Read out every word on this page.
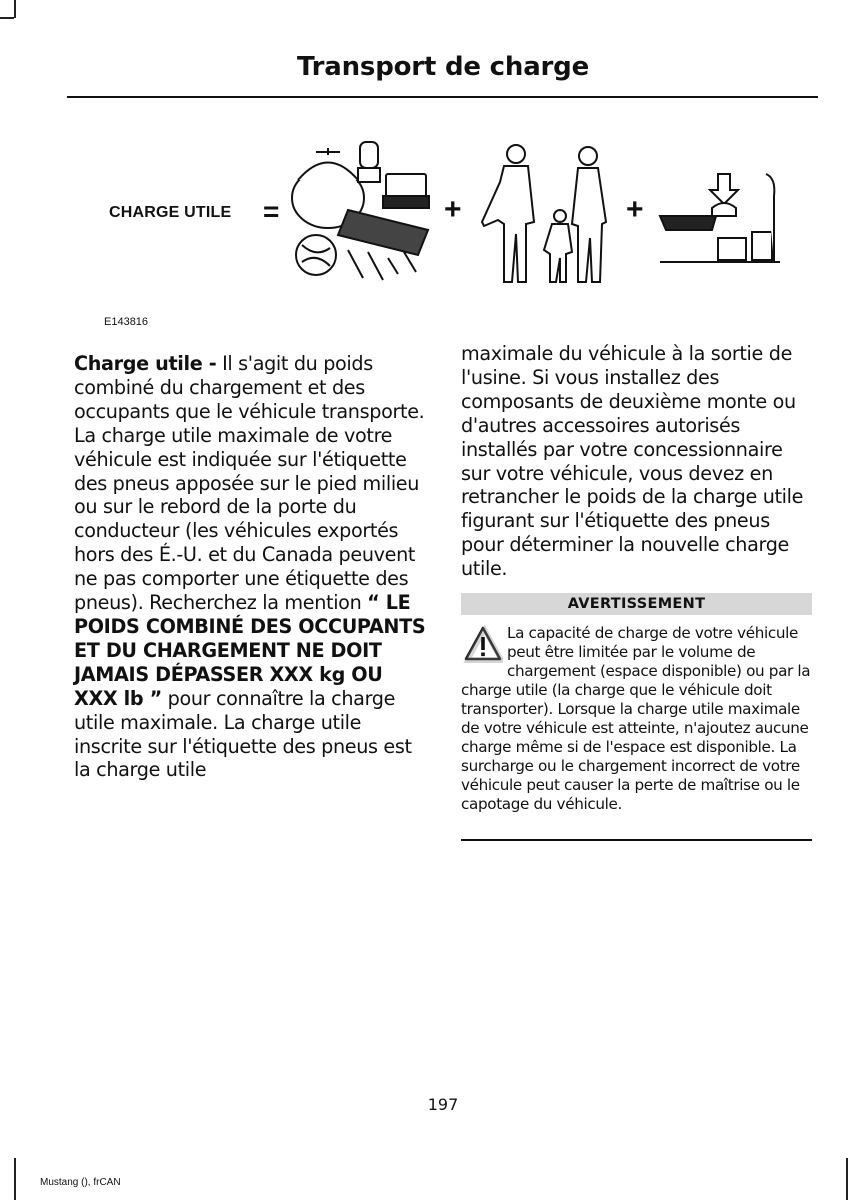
Transport de charge
CHARGE UTILE =	+	+
E143816
Charge utile - Il s'agit du poids combiné du chargement et des occupants que le véhicule transporte. La charge utile maximale de votre véhicule est indiquée sur l'étiquette des pneus apposée sur le pied milieu ou sur le rebord de la porte du conducteur (les véhicules exportés hors des É.-U. et du Canada peuvent ne pas comporter une étiquette des pneus). Recherchez la mention “ LE POIDS COMBINÉ DES OCCUPANTS ET DU CHARGEMENT NE DOIT JAMAIS DÉPASSER XXX kg OU XXX lb ” pour connaître la charge utile maximale. La charge utile inscrite sur l'étiquette des pneus est la charge utile
maximale du véhicule à la sortie de l'usine. Si vous installez des composants de deuxième monte ou d'autres accessoires autorisés installés par votre concessionnaire sur votre véhicule, vous devez en retrancher le poids de la charge utile figurant sur l'étiquette des pneus pour déterminer la nouvelle charge utile.
AVERTISSEMENT
La capacité de charge de votre véhicule peut être limitée par le volume de chargement (espace disponible) ou par la charge utile (la charge que le véhicule doit transporter). Lorsque la charge utile maximale de votre véhicule est atteinte, n'ajoutez aucune charge même si de l'espace est disponible. La surcharge ou le chargement incorrect de votre véhicule peut causer la perte de maîtrise ou le capotage du véhicule.
197
Mustang (), frCAN
